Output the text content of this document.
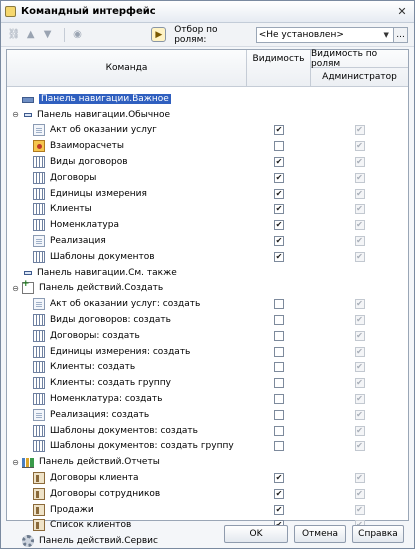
Командный интерфейс	✕
⛓ ▲ ▼	◉	▶	Отбор по ролям:	<Не установлен>	▼ ...
Команда
Видимость
Видимость по ролям
Администратор
Панель навигации.Важное
⊖ Панель навигации.Обычное
Акт об оказании услуг	✔	✔
Взаиморасчеты	✔
Виды договоров	✔	✔
Договоры	✔	✔
Единицы измерения	✔	✔
Клиенты	✔	✔
Номенклатура	✔	✔
Реализация	✔	✔
Шаблоны документов	✔	✔
Панель навигации.См. также
⊖
+ Панель действий.Создать
Акт об оказании услуг: создать	✔
Виды договоров: создать	✔
Договоры: создать	✔
Единицы измерения: создать	✔
Клиенты: создать	✔
Клиенты: создать группу	✔
Номенклатура: создать	✔
Реализация: создать	✔
Шаблоны документов: создать	✔
Шаблоны документов: создать группу	✔
⊖ Панель действий.Отчеты
Договоры клиента	✔	✔
Договоры сотрудников	✔	✔
Продажи	✔	✔
Список клиентов
Панель действий.Сервис
OK	Отмена	Справка
